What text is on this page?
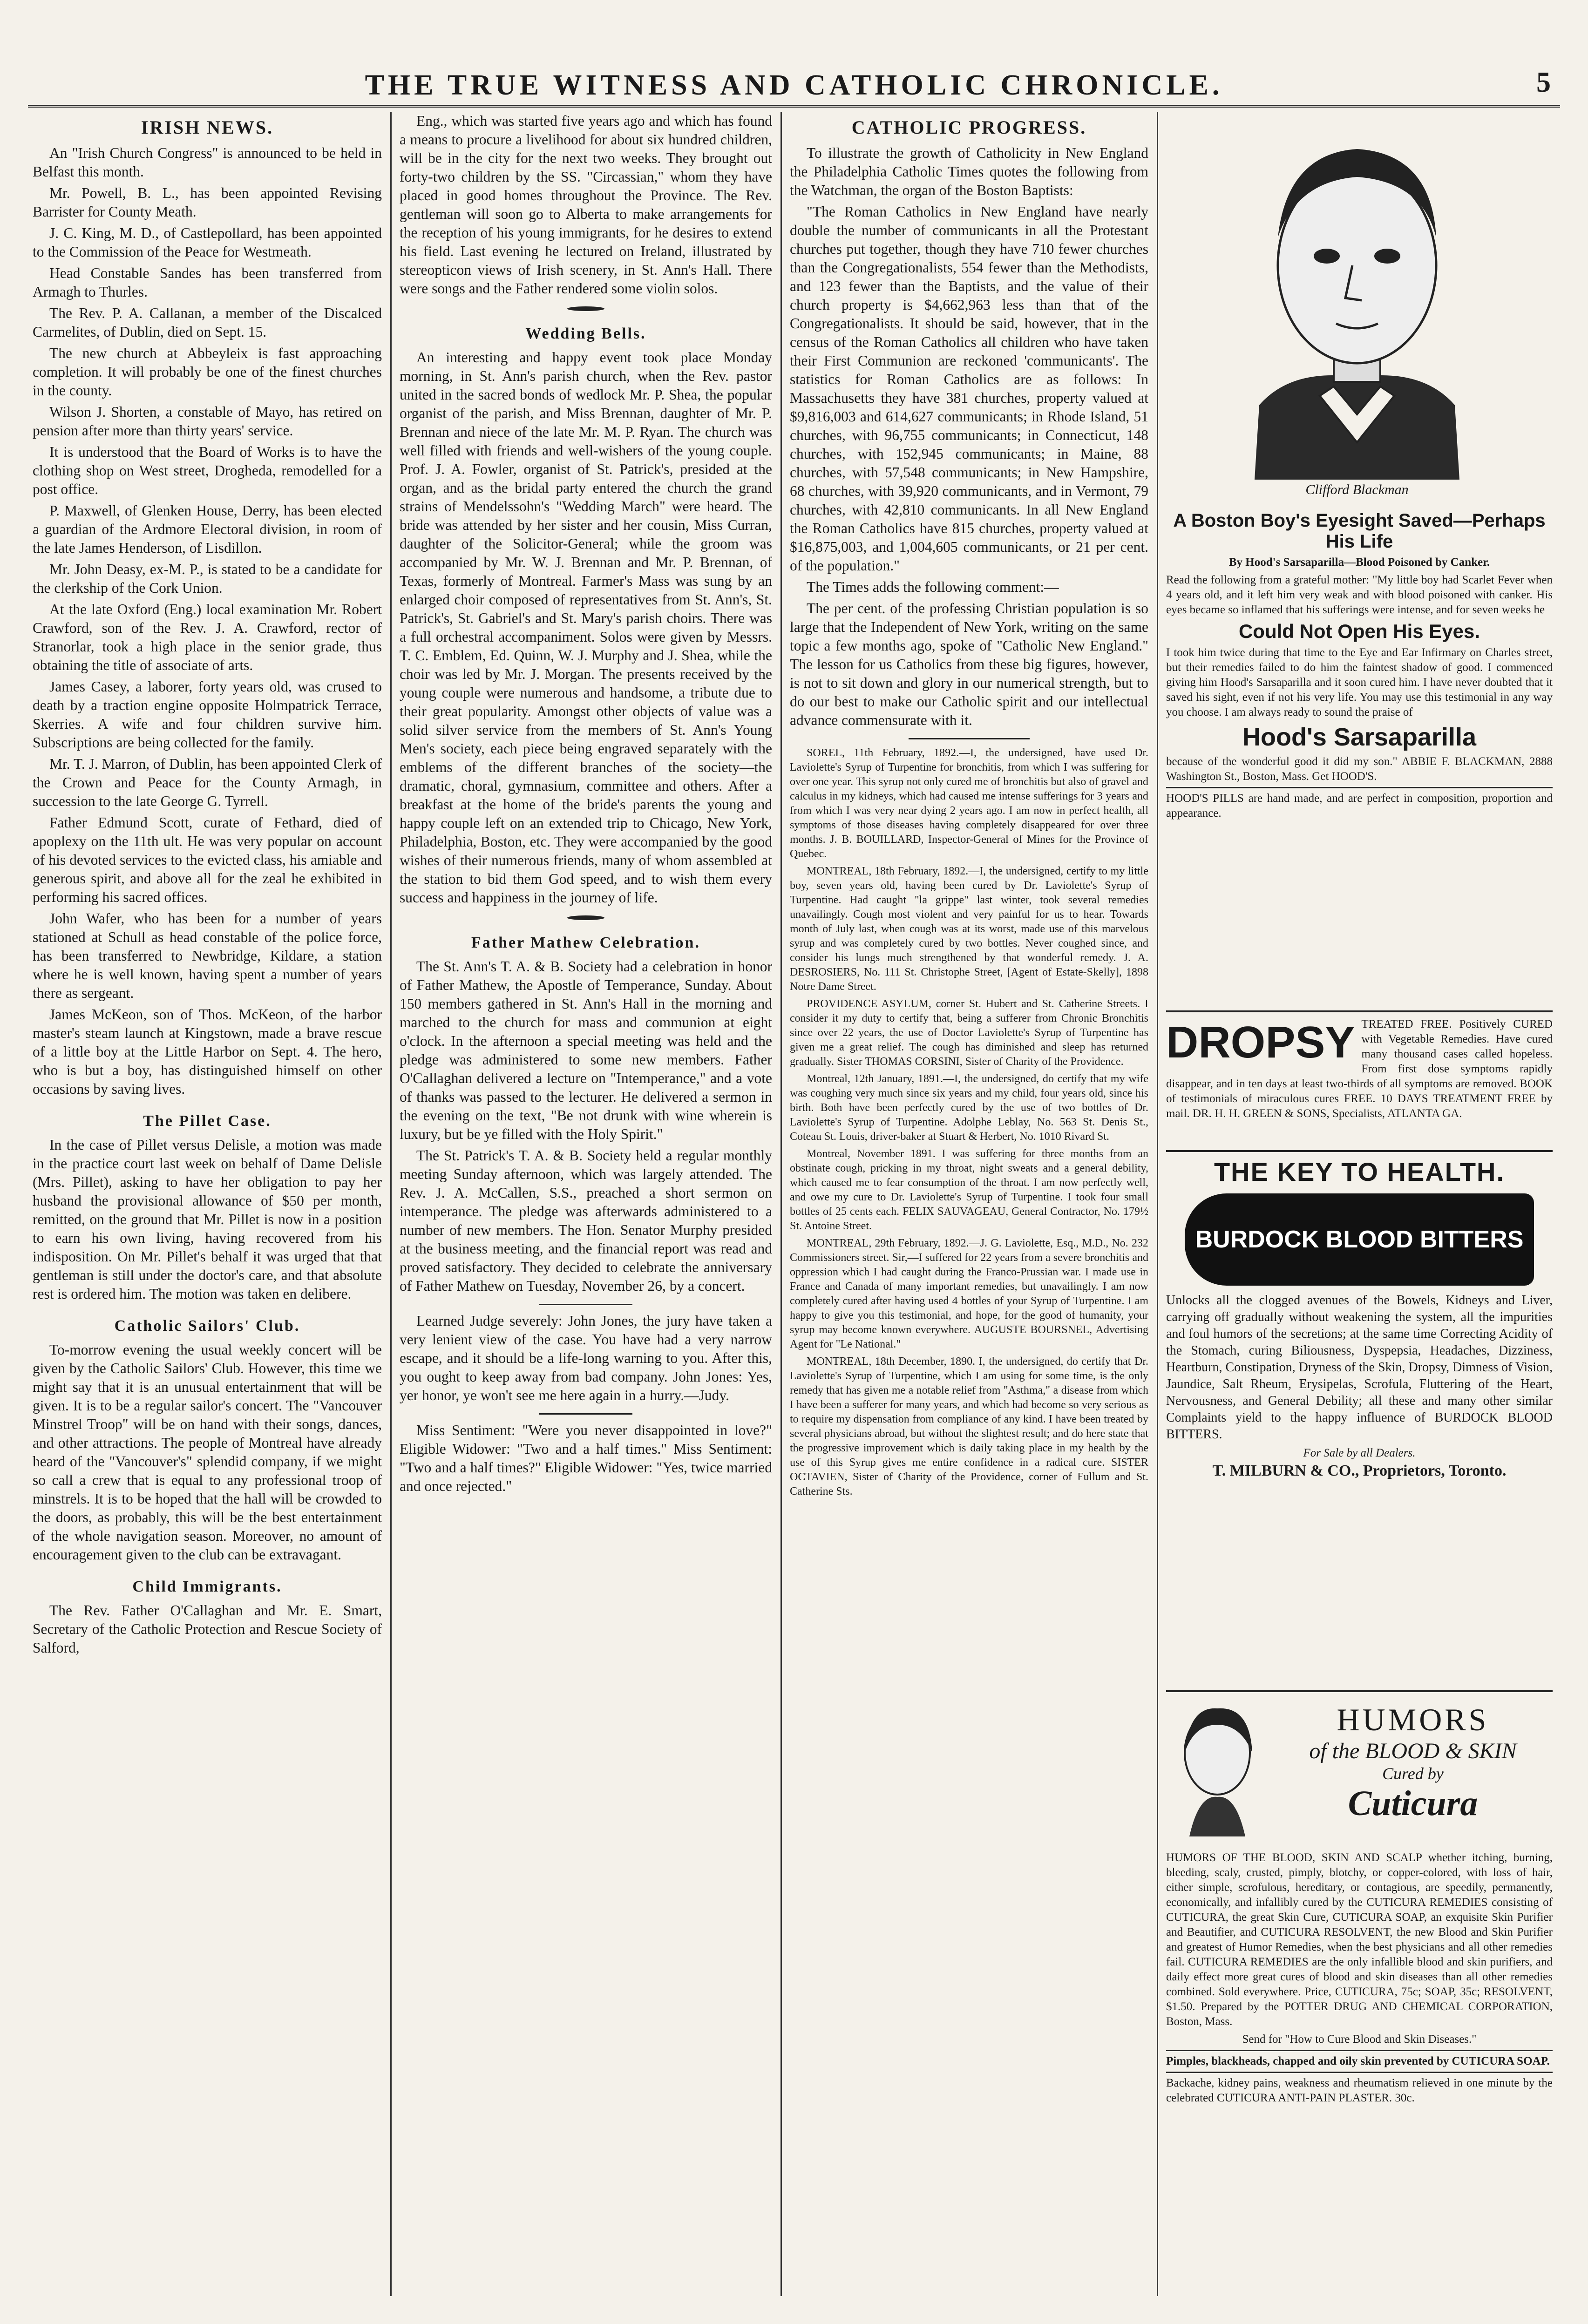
THE TRUE WITNESS AND CATHOLIC CHRONICLE.	5
IRISH NEWS.

An "Irish Church Congress" is announced to be held in Belfast this month.

Mr. Powell, B. L., has been appointed Revising Barrister for County Meath.

J. C. King, M. D., of Castlepollard, has been appointed to the Commission of the Peace for Westmeath.

Head Constable Sandes has been transferred from Armagh to Thurles.

The Rev. P. A. Callanan, a member of the Discalced Carmelites, of Dublin, died on Sept. 15.

The new church at Abbeyleix is fast approaching completion. It will probably be one of the finest churches in the county.

Wilson J. Shorten, a constable of Mayo, has retired on pension after more than thirty years' service.

It is understood that the Board of Works is to have the clothing shop on West street, Drogheda, remodelled for a post office.

P. Maxwell, of Glenken House, Derry, has been elected a guardian of the Ardmore Electoral division, in room of the late James Henderson, of Lisdillon.

Mr. John Deasy, ex-M. P., is stated to be a candidate for the clerkship of the Cork Union.

At the late Oxford (Eng.) local examination Mr. Robert Crawford, son of the Rev. J. A. Crawford, rector of Stranorlar, took a high place in the senior grade, thus obtaining the title of associate of arts.

James Casey, a laborer, forty years old, was crused to death by a traction engine opposite Holmpatrick Terrace, Skerries. A wife and four children survive him. Subscriptions are being collected for the family.

Mr. T. J. Marron, of Dublin, has been appointed Clerk of the Crown and Peace for the County Armagh, in succession to the late George G. Tyrrell.

Father Edmund Scott, curate of Fethard, died of apoplexy on the 11th ult. He was very popular on account of his devoted services to the evicted class, his amiable and generous spirit, and above all for the zeal he exhibited in performing his sacred offices.

John Wafer, who has been for a number of years stationed at Schull as head constable of the police force, has been transferred to Newbridge, Kildare, a station where he is well known, having spent a number of years there as sergeant.

James McKeon, son of Thos. McKeon, of the harbor master's steam launch at Kingstown, made a brave rescue of a little boy at the Little Harbor on Sept. 4. The hero, who is but a boy, has distinguished himself on other occasions by saving lives.

The Pillet Case.

In the case of Pillet versus Delisle, a motion was made in the practice court last week on behalf of Dame Delisle (Mrs. Pillet), asking to have her obligation to pay her husband the provisional allowance of $50 per month, remitted, on the ground that Mr. Pillet is now in a position to earn his own living, having recovered from his indisposition. On Mr. Pillet's behalf it was urged that that gentleman is still under the doctor's care, and that absolute rest is ordered him. The motion was taken en delibere.

Catholic Sailors' Club.

To-morrow evening the usual weekly concert will be given by the Catholic Sailors' Club. However, this time we might say that it is an unusual entertainment that will be given. It is to be a regular sailor's concert. The "Vancouver Minstrel Troop" will be on hand with their songs, dances, and other attractions. The people of Montreal have already heard of the "Vancouver's" splendid company, if we might so call a crew that is equal to any professional troop of minstrels. It is to be hoped that the hall will be crowded to the doors, as probably, this will be the best entertainment of the whole navigation season. Moreover, no amount of encouragement given to the club can be extravagant.

Child Immigrants.

The Rev. Father O'Callaghan and Mr. E. Smart, Secretary of the Catholic Protection and Rescue Society of Salford,

Eng., which was started five years ago and which has found a means to procure a livelihood for about six hundred children, will be in the city for the next two weeks. They brought out forty-two children by the SS. "Circassian," whom they have placed in good homes throughout the Province. The Rev. gentleman will soon go to Alberta to make arrangements for the reception of his young immigrants, for he desires to extend his field. Last evening he lectured on Ireland, illustrated by stereopticon views of Irish scenery, in St. Ann's Hall. There were songs and the Father rendered some violin solos.

Wedding Bells.

An interesting and happy event took place Monday morning, in St. Ann's parish church, when the Rev. pastor united in the sacred bonds of wedlock Mr. P. Shea, the popular organist of the parish, and Miss Brennan, daughter of Mr. P. Brennan and niece of the late Mr. M. P. Ryan. The church was well filled with friends and well-wishers of the young couple. Prof. J. A. Fowler, organist of St. Patrick's, presided at the organ, and as the bridal party entered the church the grand strains of Mendelssohn's "Wedding March" were heard. The bride was attended by her sister and her cousin, Miss Curran, daughter of the Solicitor-General; while the groom was accompanied by Mr. W. J. Brennan and Mr. P. Brennan, of Texas, formerly of Montreal. Farmer's Mass was sung by an enlarged choir composed of representatives from St. Ann's, St. Patrick's, St. Gabriel's and St. Mary's parish choirs. There was a full orchestral accompaniment. Solos were given by Messrs. T. C. Emblem, Ed. Quinn, W. J. Murphy and J. Shea, while the choir was led by Mr. J. Morgan. The presents received by the young couple were numerous and handsome, a tribute due to their great popularity. Amongst other objects of value was a solid silver service from the members of St. Ann's Young Men's society, each piece being engraved separately with the emblems of the different branches of the society—the dramatic, choral, gymnasium, committee and others. After a breakfast at the home of the bride's parents the young and happy couple left on an extended trip to Chicago, New York, Philadelphia, Boston, etc. They were accompanied by the good wishes of their numerous friends, many of whom assembled at the station to bid them God speed, and to wish them every success and happiness in the journey of life.

Father Mathew Celebration.

The St. Ann's T. A. & B. Society had a celebration in honor of Father Mathew, the Apostle of Temperance, Sunday. About 150 members gathered in St. Ann's Hall in the morning and marched to the church for mass and communion at eight o'clock. In the afternoon a special meeting was held and the pledge was administered to some new members. Father O'Callaghan delivered a lecture on "Intemperance," and a vote of thanks was passed to the lecturer. He delivered a sermon in the evening on the text, "Be not drunk with wine wherein is luxury, but be ye filled with the Holy Spirit."

The St. Patrick's T. A. & B. Society held a regular monthly meeting Sunday afternoon, which was largely attended. The Rev. J. A. McCallen, S.S., preached a short sermon on intemperance. The pledge was afterwards administered to a number of new members. The Hon. Senator Murphy presided at the business meeting, and the financial report was read and proved satisfactory. They decided to celebrate the anniversary of Father Mathew on Tuesday, November 26, by a concert.

Learned Judge severely: John Jones, the jury have taken a very lenient view of the case. You have had a very narrow escape, and it should be a life-long warning to you. After this, you ought to keep away from bad company. John Jones: Yes, yer honor, ye won't see me here again in a hurry.—Judy.

Miss Sentiment: "Were you never disappointed in love?" Eligible Widower: "Two and a half times." Miss Sentiment: "Two and a half times?" Eligible Widower: "Yes, twice married and once rejected."

CATHOLIC PROGRESS.

To illustrate the growth of Catholicity in New England the Philadelphia Catholic Times quotes the following from the Watchman, the organ of the Boston Baptists:

"The Roman Catholics in New England have nearly double the number of communicants in all the Protestant churches put together, though they have 710 fewer churches than the Congregationalists, 554 fewer than the Methodists, and 123 fewer than the Baptists, and the value of their church property is $4,662,963 less than that of the Congregationalists. It should be said, however, that in the census of the Roman Catholics all children who have taken their First Communion are reckoned 'communicants'. The statistics for Roman Catholics are as follows: In Massachusetts they have 381 churches, property valued at $9,816,003 and 614,627 communicants; in Rhode Island, 51 churches, with 96,755 communicants; in Connecticut, 148 churches, with 152,945 communicants; in Maine, 88 churches, with 57,548 communicants; in New Hampshire, 68 churches, with 39,920 communicants, and in Vermont, 79 churches, with 42,810 communicants. In all New England the Roman Catholics have 815 churches, property valued at $16,875,003, and 1,004,605 communicants, or 21 per cent. of the population."

The Times adds the following comment:—

The per cent. of the professing Christian population is so large that the Independent of New York, writing on the same topic a few months ago, spoke of "Catholic New England." The lesson for us Catholics from these big figures, however, is not to sit down and glory in our numerical strength, but to do our best to make our Catholic spirit and our intellectual advance commensurate with it.

SOREL, 11th February, 1892.—I, the undersigned, have used Dr. Laviolette's Syrup of Turpentine for bronchitis, from which I was suffering for over one year. This syrup not only cured me of bronchitis but also of gravel and calculus in my kidneys, which had caused me intense sufferings for 3 years and from which I was very near dying 2 years ago. I am now in perfect health, all symptoms of those diseases having completely disappeared for over three months. J. B. BOUILLARD, Inspector-General of Mines for the Province of Quebec.

MONTREAL, 18th February, 1892.—I, the undersigned, certify to my little boy, seven years old, having been cured by Dr. Laviolette's Syrup of Turpentine. Had caught "la grippe" last winter, took several remedies unavailingly. Cough most violent and very painful for us to hear. Towards month of July last, when cough was at its worst, made use of this marvelous syrup and was completely cured by two bottles. Never coughed since, and consider his lungs much strengthened by that wonderful remedy. J. A. DESROSIERS, No. 111 St. Christophe Street, [Agent of Estate-Skelly], 1898 Notre Dame Street.

PROVIDENCE ASYLUM, corner St. Hubert and St. Catherine Streets. I consider it my duty to certify that, being a sufferer from Chronic Bronchitis since over 22 years, the use of Doctor Laviolette's Syrup of Turpentine has given me a great relief. The cough has diminished and sleep has returned gradually. Sister THOMAS CORSINI, Sister of Charity of the Providence.

Montreal, 12th January, 1891.—I, the undersigned, do certify that my wife was coughing very much since six years and my child, four years old, since his birth. Both have been perfectly cured by the use of two bottles of Dr. Laviolette's Syrup of Turpentine. Adolphe Leblay, No. 563 St. Denis St., Coteau St. Louis, driver-baker at Stuart & Herbert, No. 1010 Rivard St.

Montreal, November 1891. I was suffering for three months from an obstinate cough, pricking in my throat, night sweats and a general debility, which caused me to fear consumption of the throat. I am now perfectly well, and owe my cure to Dr. Laviolette's Syrup of Turpentine. I took four small bottles of 25 cents each. FELIX SAUVAGEAU, General Contractor, No. 179½ St. Antoine Street.

MONTREAL, 29th February, 1892.—J. G. Laviolette, Esq., M.D., No. 232 Commissioners street. Sir,—I suffered for 22 years from a severe bronchitis and oppression which I had caught during the Franco-Prussian war. I made use in France and Canada of many important remedies, but unavailingly. I am now completely cured after having used 4 bottles of your Syrup of Turpentine. I am happy to give you this testimonial, and hope, for the good of humanity, your syrup may become known everywhere. AUGUSTE BOURSNEL, Advertising Agent for "Le National."

MONTREAL, 18th December, 1890. I, the undersigned, do certify that Dr. Laviolette's Syrup of Turpentine, which I am using for some time, is the only remedy that has given me a notable relief from "Asthma," a disease from which I have been a sufferer for many years, and which had become so very serious as to require my dispensation from compliance of any kind. I have been treated by several physicians abroad, but without the slightest result; and do here state that the progressive improvement which is daily taking place in my health by the use of this Syrup gives me entire confidence in a radical cure. SISTER OCTAVIEN, Sister of Charity of the Providence, corner of Fullum and St. Catherine Sts.

Clifford Blackman
A Boston Boy's Eyesight Saved—Perhaps His Life

By Hood's Sarsaparilla—Blood Poisoned by Canker.

Read the following from a grateful mother: "My little boy had Scarlet Fever when 4 years old, and it left him very weak and with blood poisoned with canker. His eyes became so inflamed that his sufferings were intense, and for seven weeks he

Could Not Open His Eyes.

I took him twice during that time to the Eye and Ear Infirmary on Charles street, but their remedies failed to do him the faintest shadow of good. I commenced giving him Hood's Sarsaparilla and it soon cured him. I have never doubted that it saved his sight, even if not his very life. You may use this testimonial in any way you choose. I am always ready to sound the praise of

Hood's Sarsaparilla

because of the wonderful good it did my son." ABBIE F. BLACKMAN, 2888 Washington St., Boston, Mass. Get HOOD'S.

HOOD'S PILLS are hand made, and are perfect in composition, proportion and appearance.

DROPSY TREATED FREE. Positively CURED with Vegetable Remedies. Have cured many thousand cases called hopeless. From first dose symptoms rapidly disappear, and in ten days at least two-thirds of all symptoms are removed. BOOK of testimonials of miraculous cures FREE. 10 DAYS TREATMENT FREE by mail. DR. H. H. GREEN & SONS, Specialists, ATLANTA GA.

THE KEY TO HEALTH.
BURDOCK BLOOD BITTERS

Unlocks all the clogged avenues of the Bowels, Kidneys and Liver, carrying off gradually without weakening the system, all the impurities and foul humors of the secretions; at the same time Correcting Acidity of the Stomach, curing Biliousness, Dyspepsia, Headaches, Dizziness, Heartburn, Constipation, Dryness of the Skin, Dropsy, Dimness of Vision, Jaundice, Salt Rheum, Erysipelas, Scrofula, Fluttering of the Heart, Nervousness, and General Debility; all these and many other similar Complaints yield to the happy influence of BURDOCK BLOOD BITTERS.

For Sale by all Dealers.

T. MILBURN & CO., Proprietors, Toronto.

HUMORS
of the BLOOD & SKIN
Cured by
Cuticura

HUMORS OF THE BLOOD, SKIN AND SCALP whether itching, burning, bleeding, scaly, crusted, pimply, blotchy, or copper-colored, with loss of hair, either simple, scrofulous, hereditary, or contagious, are speedily, permanently, economically, and infallibly cured by the CUTICURA REMEDIES consisting of CUTICURA, the great Skin Cure, CUTICURA SOAP, an exquisite Skin Purifier and Beautifier, and CUTICURA RESOLVENT, the new Blood and Skin Purifier and greatest of Humor Remedies, when the best physicians and all other remedies fail. CUTICURA REMEDIES are the only infallible blood and skin purifiers, and daily effect more great cures of blood and skin diseases than all other remedies combined. Sold everywhere. Price, CUTICURA, 75c; SOAP, 35c; RESOLVENT, $1.50. Prepared by the POTTER DRUG AND CHEMICAL CORPORATION, Boston, Mass.

Send for "How to Cure Blood and Skin Diseases."

Pimples, blackheads, chapped and oily skin prevented by CUTICURA SOAP.

Backache, kidney pains, weakness and rheumatism relieved in one minute by the celebrated CUTICURA ANTI-PAIN PLASTER. 30c.
